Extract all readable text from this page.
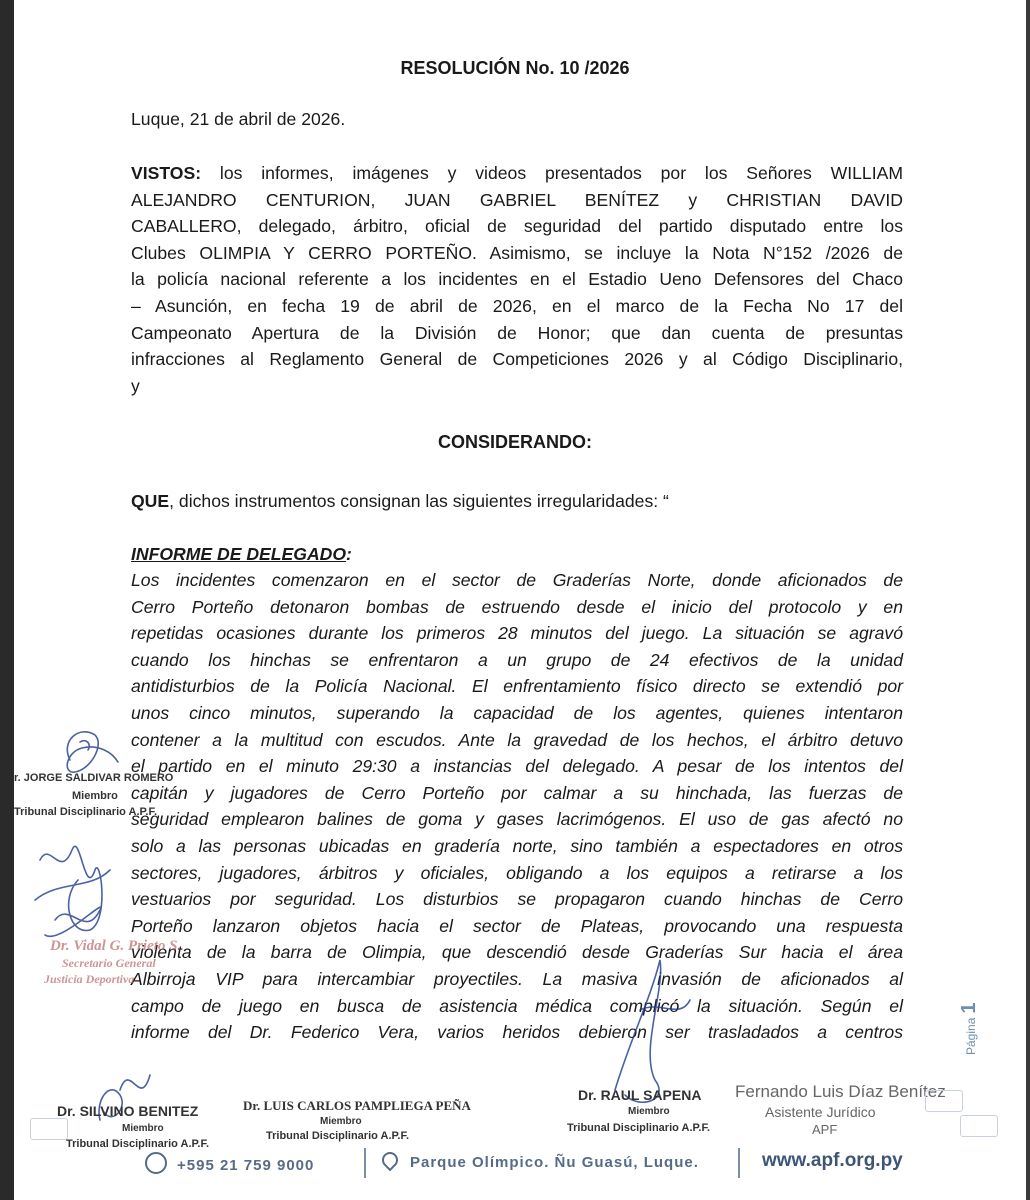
RESOLUCIÓN No. 10 /2026
Luque, 21 de abril de 2026.

VISTOS: los informes, imágenes y videos presentados por los Señores WILLIAM

ALEJANDRO CENTURION, JUAN GABRIEL BENÍTEZ y CHRISTIAN DAVID

CABALLERO, delegado, árbitro, oficial de seguridad del partido disputado entre los

Clubes OLIMPIA Y CERRO PORTEÑO. Asimismo, se incluye la Nota N°152 /2026 de

la policía nacional referente a los incidentes en el Estadio Ueno Defensores del Chaco

– Asunción, en fecha 19 de abril de 2026, en el marco de la Fecha No 17 del

Campeonato Apertura de la División de Honor; que dan cuenta de presuntas

infracciones al Reglamento General de Competiciones 2026 y al Código Disciplinario,

y

CONSIDERANDO:
QUE, dichos instrumentos consignan las siguientes irregularidades: “
INFORME DE DELEGADO:

Los incidentes comenzaron en el sector de Graderías Norte, donde aficionados de

Cerro Porteño detonaron bombas de estruendo desde el inicio del protocolo y en

repetidas ocasiones durante los primeros 28 minutos del juego. La situación se agravó

cuando los hinchas se enfrentaron a un grupo de 24 efectivos de la unidad

antidisturbios de la Policía Nacional. El enfrentamiento físico directo se extendió por

unos cinco minutos, superando la capacidad de los agentes, quienes intentaron

contener a la multitud con escudos. Ante la gravedad de los hechos, el árbitro detuvo

el partido en el minuto 29:30 a instancias del delegado. A pesar de los intentos del

capitán y jugadores de Cerro Porteño por calmar a su hinchada, las fuerzas de

seguridad emplearon balines de goma y gases lacrimógenos. El uso de gas afectó no

solo a las personas ubicadas en gradería norte, sino también a espectadores en otros

sectores, jugadores, árbitros y oficiales, obligando a los equipos a retirarse a los

vestuarios por seguridad. Los disturbios se propagaron cuando hinchas de Cerro

Porteño lanzaron objetos hacia el sector de Plateas, provocando una respuesta

violenta de la barra de Olimpia, que descendió desde Graderías Sur hacia el área

Albirroja VIP para intercambiar proyectiles. La masiva invasión de aficionados al

campo de juego en busca de asistencia médica complicó la situación. Según el

informe del Dr. Federico Vera, varios heridos debieron ser trasladados a centros

r. JORGE SALDIVAR ROMERO
Miembro
Tribunal Disciplinario A.P.F.
Dr. Vidal G. Prieto S.
Secretario General
Justicia Deportiva
Dr. SILVINO BENITEZ
Miembro
Tribunal Disciplinario A.P.F.
Dr. LUIS CARLOS PAMPLIEGA PEÑA
Miembro
Tribunal Disciplinario A.P.F.
Dr. RAUL SAPENA
Miembro
Tribunal Disciplinario A.P.F.
Fernando Luis Díaz Benítez
Asistente Jurídico
APF
Página1
+595 21 759 9000	Parque Olímpico. Ñu Guasú, Luque.	www.apf.org.py
